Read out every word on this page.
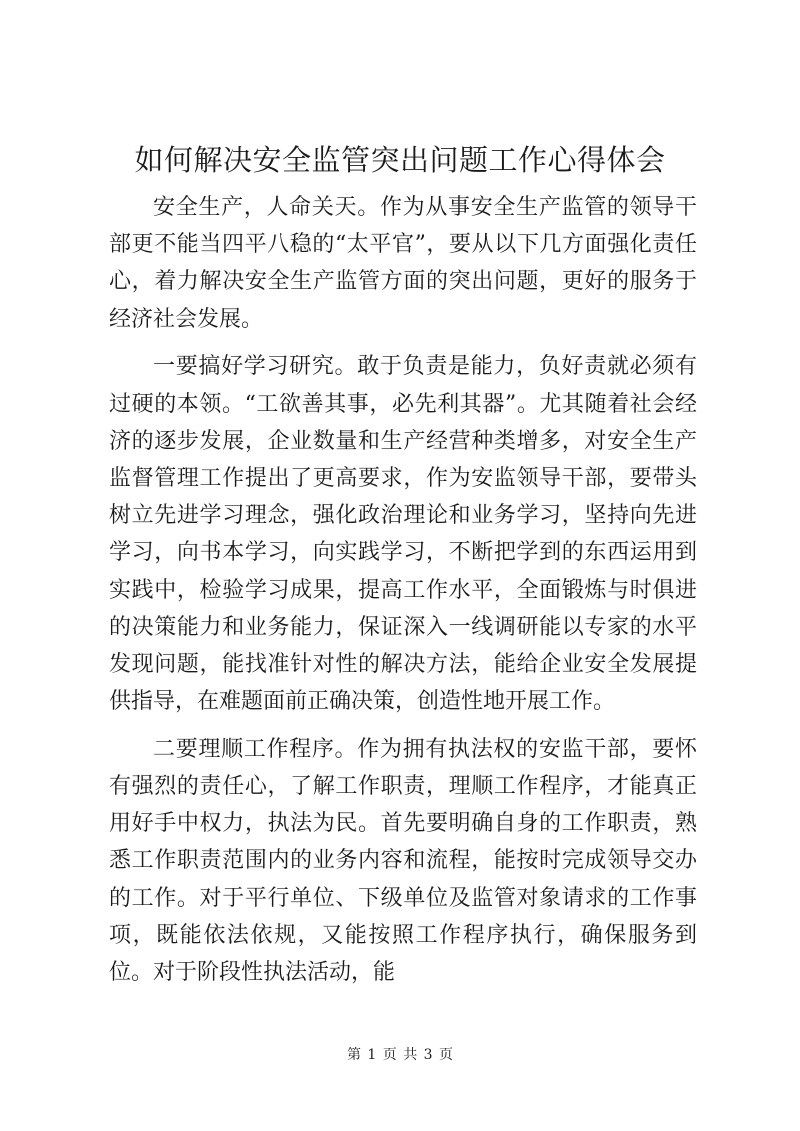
如何解决安全监管突出问题工作心得体会

安全生产，人命关天。作为从事安全生产监管的领导干部更不能当四平八稳的“太平官”，要从以下几方面强化责任心，着力解决安全生产监管方面的突出问题，更好的服务于经济社会发展。

一要搞好学习研究。敢于负责是能力，负好责就必须有过硬的本领。“工欲善其事，必先利其器”。尤其随着社会经济的逐步发展，企业数量和生产经营种类增多，对安全生产监督管理工作提出了更高要求，作为安监领导干部，要带头树立先进学习理念，强化政治理论和业务学习，坚持向先进学习，向书本学习，向实践学习，不断把学到的东西运用到实践中，检验学习成果，提高工作水平，全面锻炼与时俱进的决策能力和业务能力，保证深入一线调研能以专家的水平发现问题，能找准针对性的解决方法，能给企业安全发展提供指导，在难题面前正确决策，创造性地开展工作。

二要理顺工作程序。作为拥有执法权的安监干部，要怀有强烈的责任心，了解工作职责，理顺工作程序，才能真正用好手中权力，执法为民。首先要明确自身的工作职责，熟悉工作职责范围内的业务内容和流程，能按时完成领导交办的工作。对于平行单位、下级单位及监管对象请求的工作事项，既能依法依规，又能按照工作程序执行，确保服务到位。对于阶段性执法活动，能

第 1 页 共 3 页
